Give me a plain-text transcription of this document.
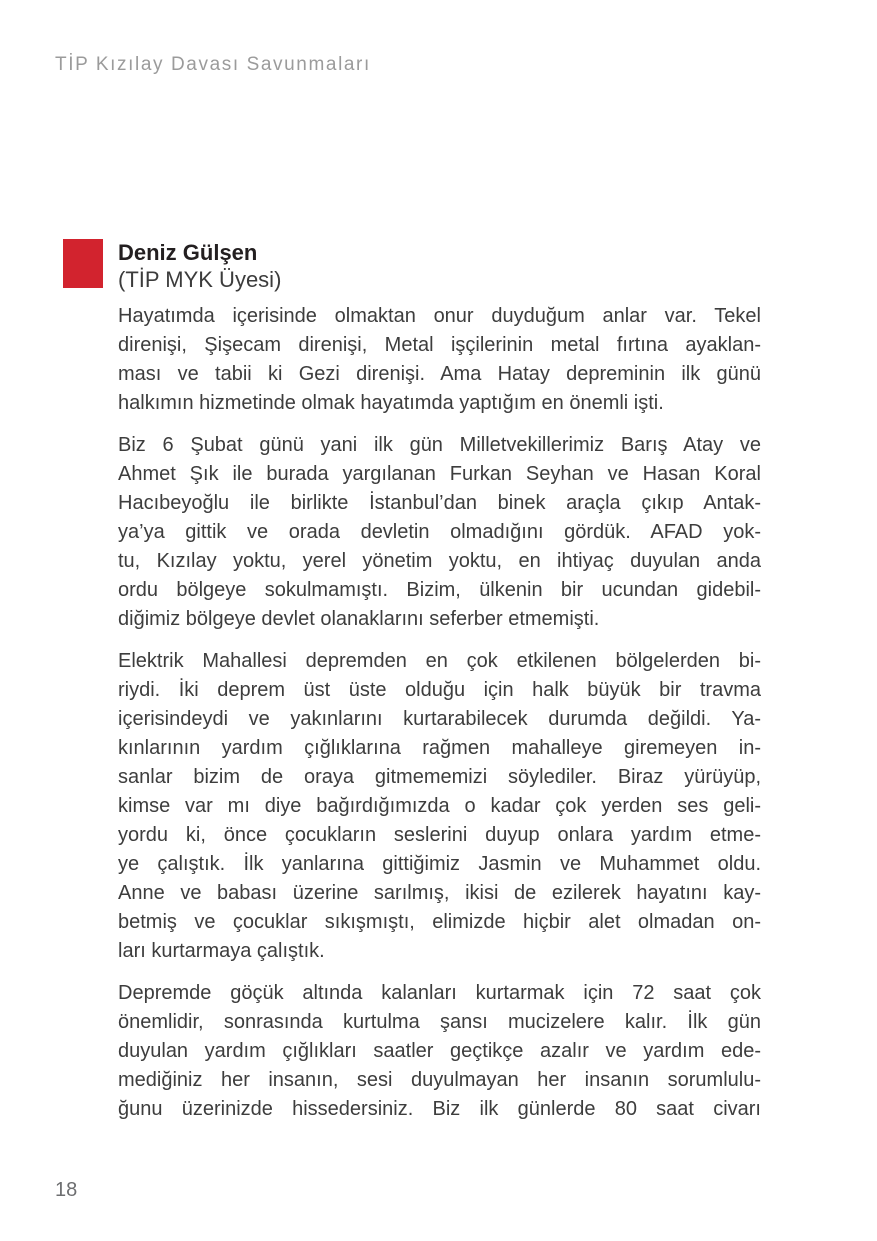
TİP Kızılay Davası Savunmaları
Deniz Gülşen
(TİP MYK Üyesi)
Hayatımda içerisinde olmaktan onur duyduğum anlar var. Tekel
direnişi, Şişecam direnişi, Metal işçilerinin metal fırtına ayaklan-
ması ve tabii ki Gezi direnişi. Ama Hatay depreminin ilk günü
halkımın hizmetinde olmak hayatımda yaptığım en önemli işti.
Biz 6 Şubat günü yani ilk gün Milletvekillerimiz Barış Atay ve
Ahmet Şık ile burada yargılanan Furkan Seyhan ve Hasan Koral
Hacıbeyoğlu ile birlikte İstanbul’dan binek araçla çıkıp Antak-
ya’ya gittik ve orada devletin olmadığını gördük. AFAD yok-
tu, Kızılay yoktu, yerel yönetim yoktu, en ihtiyaç duyulan anda
ordu bölgeye sokulmamıştı. Bizim, ülkenin bir ucundan gidebil-
diğimiz bölgeye devlet olanaklarını seferber etmemişti.
Elektrik Mahallesi depremden en çok etkilenen bölgelerden bi-
riydi. İki deprem üst üste olduğu için halk büyük bir travma
içerisindeydi ve yakınlarını kurtarabilecek durumda değildi. Ya-
kınlarının yardım çığlıklarına rağmen mahalleye giremeyen in-
sanlar bizim de oraya gitmememizi söylediler. Biraz yürüyüp,
kimse var mı diye bağırdığımızda o kadar çok yerden ses geli-
yordu ki, önce çocukların seslerini duyup onlara yardım etme-
ye çalıştık. İlk yanlarına gittiğimiz Jasmin ve Muhammet oldu.
Anne ve babası üzerine sarılmış, ikisi de ezilerek hayatını kay-
betmiş ve çocuklar sıkışmıştı, elimizde hiçbir alet olmadan on-
ları kurtarmaya çalıştık.
Depremde göçük altında kalanları kurtarmak için 72 saat çok
önemlidir, sonrasında kurtulma şansı mucizelere kalır. İlk gün
duyulan yardım çığlıkları saatler geçtikçe azalır ve yardım ede-
mediğiniz her insanın, sesi duyulmayan her insanın sorumlulu-
ğunu üzerinizde hissedersiniz. Biz ilk günlerde 80 saat civarı
18
